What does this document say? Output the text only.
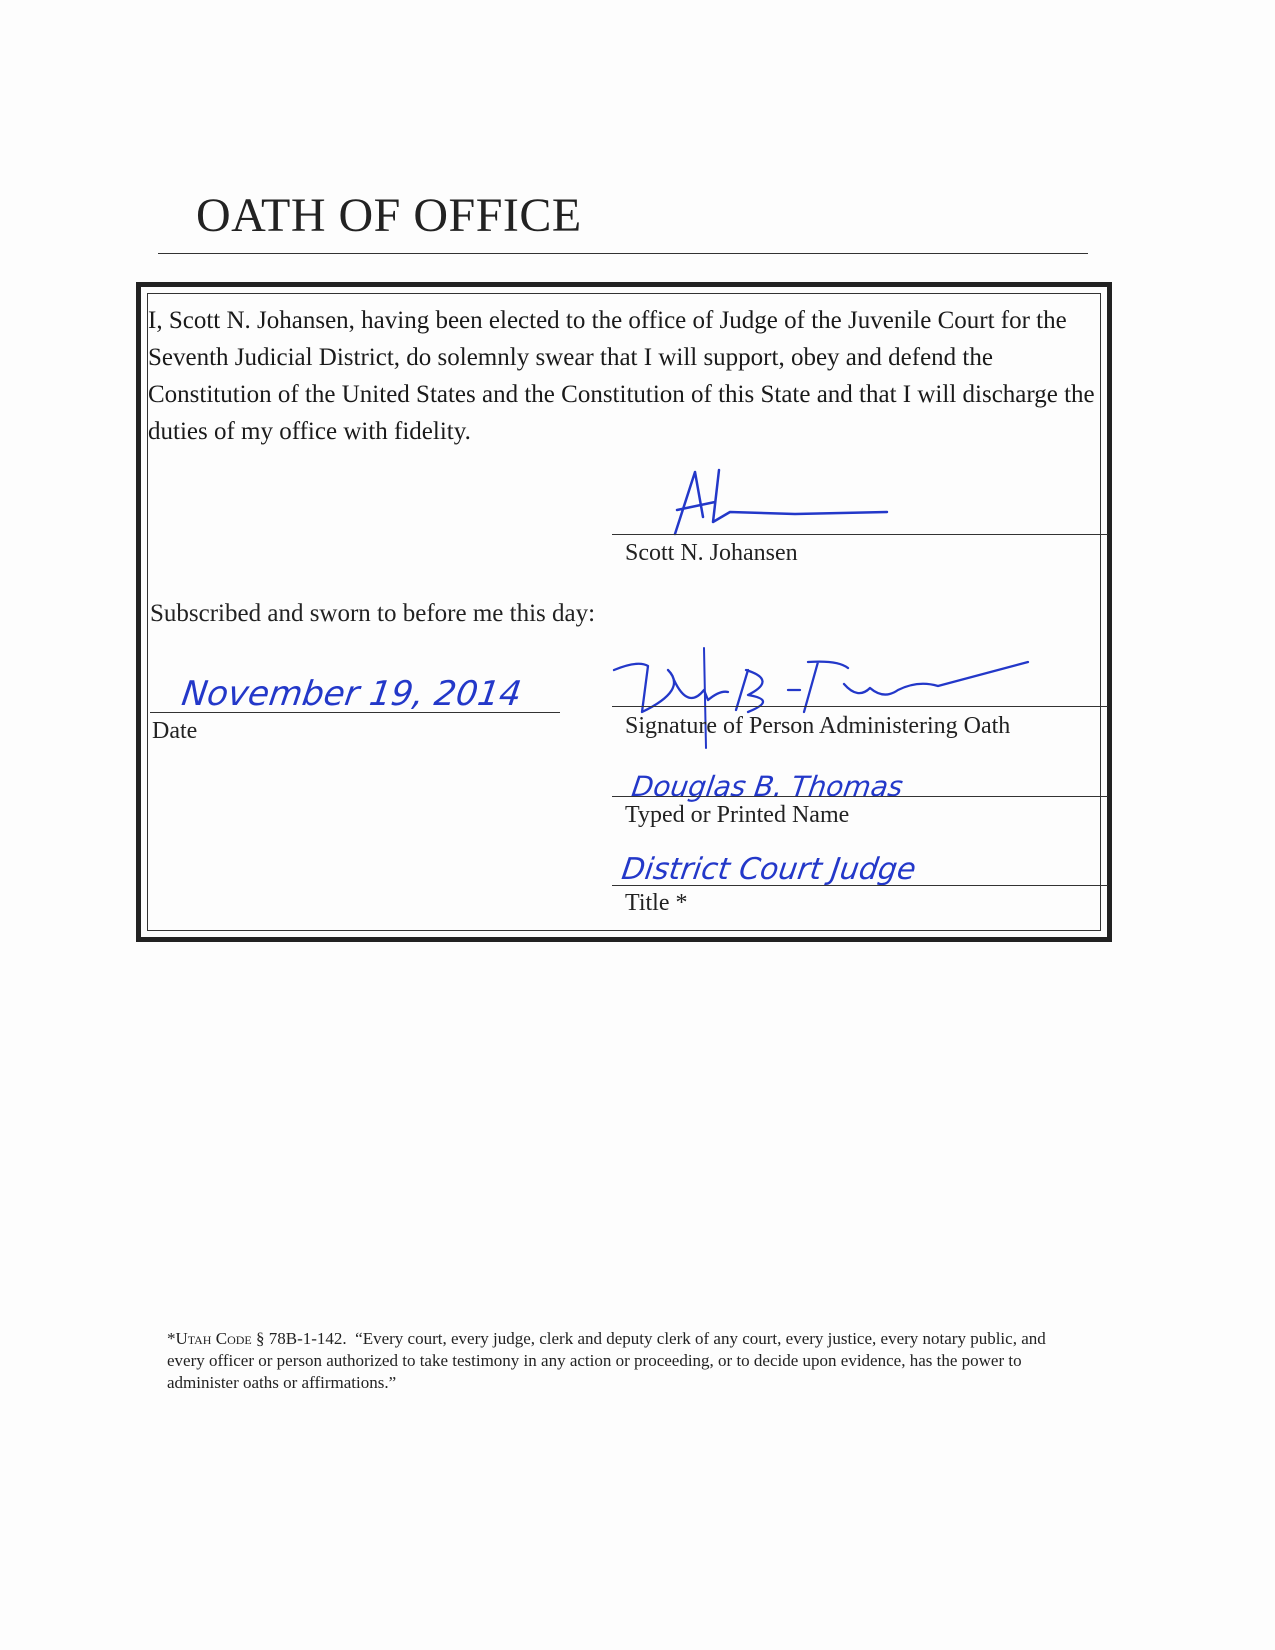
OATH OF OFFICE

I, Scott N. Johansen, having been elected to the office of Judge of the Juvenile Court for the Seventh Judicial District, do solemnly swear that I will support, obey and defend the Constitution of the United States and the Constitution of this State and that I will discharge the duties of my office with fidelity.

Scott N. Johansen
Subscribed and sworn to before me this day:
November 19, 2014
Date	Signature of Person Administering Oath
Douglas B. Thomas
Typed or Printed Name
District Court Judge
Title *

*Utah Code § 78B-1-142. “Every court, every judge, clerk and deputy clerk of any court, every justice, every notary public, and every officer or person authorized to take testimony in any action or proceeding, or to decide upon evidence, has the power to administer oaths or affirmations.”
